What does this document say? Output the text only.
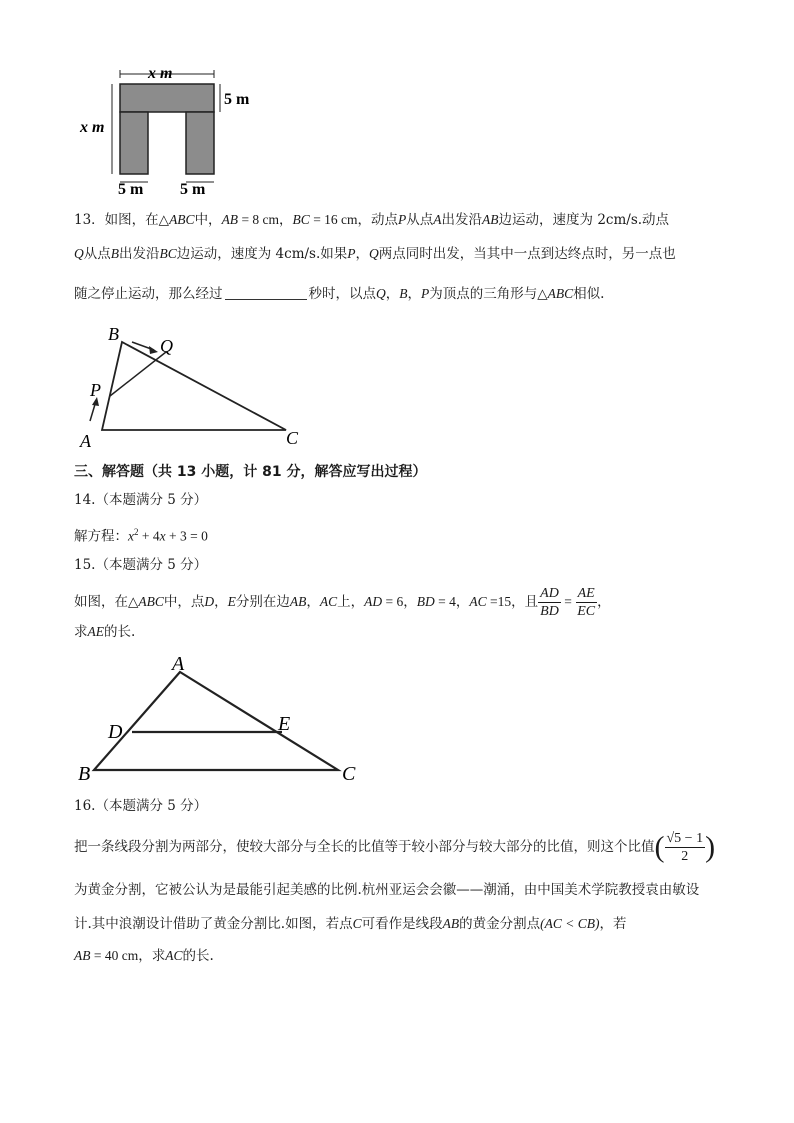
x m
5 m
x m
5 m 5 m
13．如图，在△ABC中，AB = 8 cm，BC = 16 cm，动点P从点A出发沿AB边运动，速度为 2cm/s.动点
Q从点B出发沿BC边运动，速度为 4cm/s.如果P，Q两点同时出发，当其中一点到达终点时，另一点也
随之停止运动，那么经过	秒时，以点Q，B，P为顶点的三角形与△ABC相似.
B
Q
P
A	C
三、解答题（共 13 小题，计 81 分，解答应写出过程）
14.（本题满分 5 分）
解方程：$x^2 + 4x + 3 = 0$
15.（本题满分 5 分）
如图，在△ABC中，点D，E分别在边AB，AC上，AD = 6，BD = 4，AC =15，且 $\frac{AD}{BD} = \frac{AE}{EC}$ ，
求AE的长.
A
D	E
B	C
16.（本题满分 5 分）
把一条线段分割为两部分，使较大部分与全长的比值等于较小部分与较大部分的比值，则这个比值( $\frac{√5 - 1}{2}$ )
为黄金分割，它被公认为是最能引起美感的比例.杭州亚运会会徽——潮涌，由中国美术学院教授袁由敏设
计.其中浪潮设计借助了黄金分割比.如图，若点C可看作是线段AB的黄金分割点(AC < CB)，若
AB = 40 cm，求AC的长.
